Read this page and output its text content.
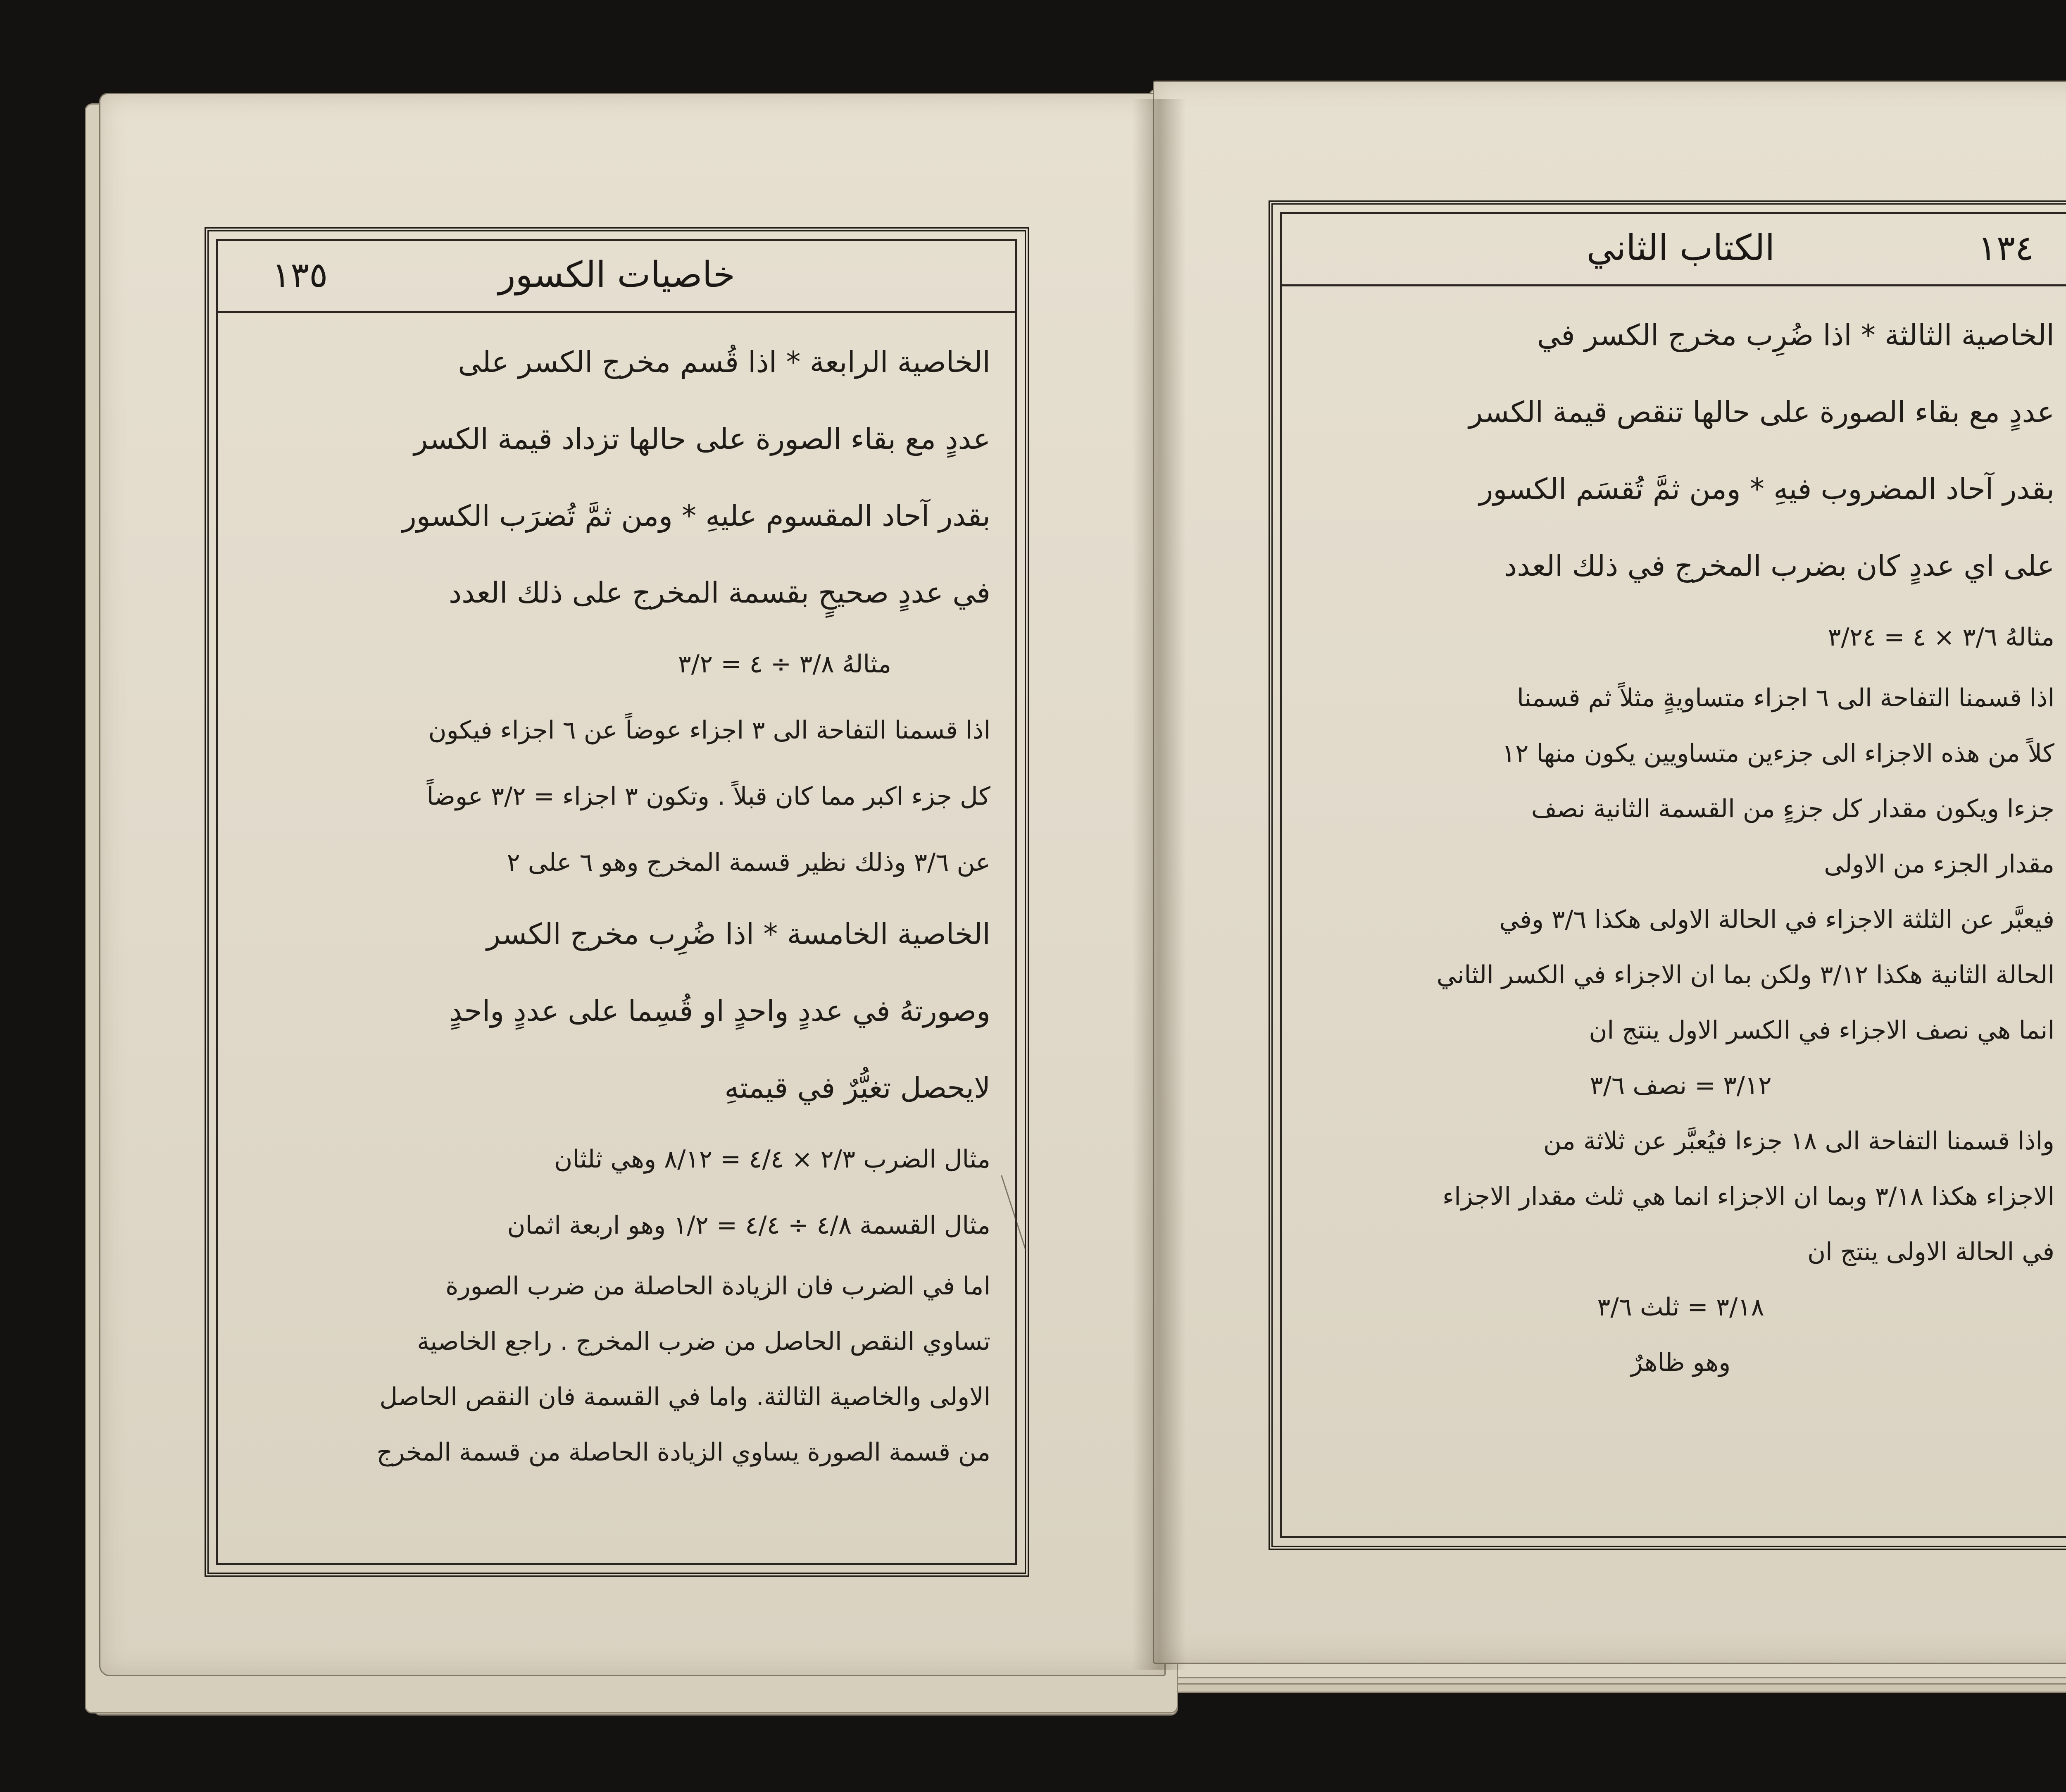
خاصيات الكسور
١٣٥

الخاصية الرابعة * اذا قُسم مخرج الكسر على

عددٍ مع بقاء الصورة على حالها تزداد قيمة الكسر

بقدر آحاد المقسوم عليهِ * ومن ثمَّ تُضرَب الكسور

في عددٍ صحيحٍ بقسمة المخرج على ذلك العدد

مثالهُ ٣/٨ ÷ ٤ = ٣/٢

اذا قسمنا التفاحة الى ٣ اجزاء عوضاً عن ٦ اجزاء فيكون

كل جزء اكبر مما كان قبلاً . وتكون ٣ اجزاء = ٣/٢ عوضاً

عن ٣/٦ وذلك نظير قسمة المخرج وهو ٦ على ٢

الخاصية الخامسة * اذا ضُرِب مخرج الكسر

وصورتهُ في عددٍ واحدٍ او قُسِما على عددٍ واحدٍ

لايحصل تغيُّرٌ في قيمتهِ

مثال الضرب ٢/٣ × ٤/٤ = ٨/١٢ وهي ثلثان

مثال القسمة ٤/٨ ÷ ٤/٤ = ١/٢ وهو اربعة اثمان

اما في الضرب فان الزيادة الحاصلة من ضرب الصورة

تساوي النقص الحاصل من ضرب المخرج . راجع الخاصية

الاولى والخاصية الثالثة. واما في القسمة فان النقص الحاصل

من قسمة الصورة يساوي الزيادة الحاصلة من قسمة المخرج

الكتاب الثاني	١٣٤

الخاصية الثالثة * اذا ضُرِب مخرج الكسر في

عددٍ مع بقاء الصورة على حالها تنقص قيمة الكسر

بقدر آحاد المضروب فيهِ * ومن ثمَّ تُقسَم الكسور

على اي عددٍ كان بضرب المخرج في ذلك العدد

مثالهُ ٣/٦ × ٤ = ٣/٢٤

اذا قسمنا التفاحة الى ٦ اجزاء متساويةٍ مثلاً ثم قسمنا

كلاً من هذه الاجزاء الى جزءين متساويين يكون منها ١٢

جزءا ويكون مقدار كل جزءٍ من القسمة الثانية نصف

مقدار الجزء من الاولى

فيعبَّر عن الثلثة الاجزاء في الحالة الاولى هكذا ٣/٦ وفي

الحالة الثانية هكذا ٣/١٢ ولكن بما ان الاجزاء في الكسر الثاني

انما هي نصف الاجزاء في الكسر الاول ينتج ان

٣/١٢ = نصف ٣/٦

واذا قسمنا التفاحة الى ١٨ جزءا فيُعبَّر عن ثلاثة من

الاجزاء هكذا ٣/١٨ وبما ان الاجزاء انما هي ثلث مقدار الاجزاء

في الحالة الاولى ينتج ان

٣/١٨ = ثلث ٣/٦

وهو ظاهرٌ
